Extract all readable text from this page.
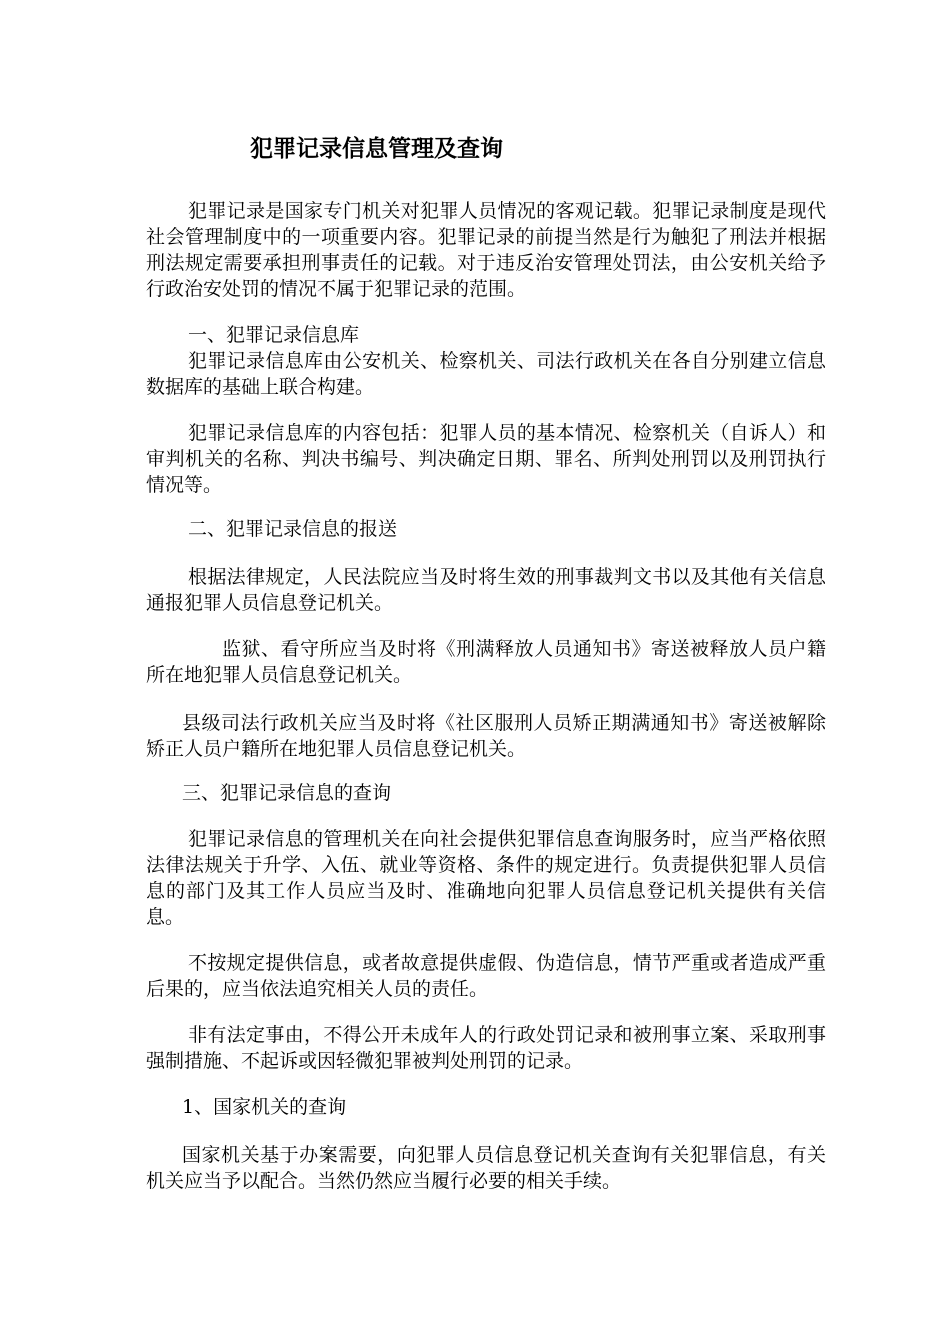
犯罪记录信息管理及查询

犯罪记录是国家专门机关对犯罪人员情况的客观记载。犯罪记录制度是现代社会管理制度中的一项重要内容。犯罪记录的前提当然是行为触犯了刑法并根据刑法规定需要承担刑事责任的记载。对于违反治安管理处罚法，由公安机关给予行政治安处罚的情况不属于犯罪记录的范围。

一、犯罪记录信息库

犯罪记录信息库由公安机关、检察机关、司法行政机关在各自分别建立信息数据库的基础上联合构建。

犯罪记录信息库的内容包括：犯罪人员的基本情况、检察机关（自诉人）和审判机关的名称、判决书编号、判决确定日期、罪名、所判处刑罚以及刑罚执行情况等。

二、犯罪记录信息的报送

根据法律规定，人民法院应当及时将生效的刑事裁判文书以及其他有关信息通报犯罪人员信息登记机关。

监狱、看守所应当及时将《刑满释放人员通知书》寄送被释放人员户籍所在地犯罪人员信息登记机关。

县级司法行政机关应当及时将《社区服刑人员矫正期满通知书》寄送被解除矫正人员户籍所在地犯罪人员信息登记机关。

三、犯罪记录信息的查询

犯罪记录信息的管理机关在向社会提供犯罪信息查询服务时，应当严格依照法律法规关于升学、入伍、就业等资格、条件的规定进行。负责提供犯罪人员信息的部门及其工作人员应当及时、准确地向犯罪人员信息登记机关提供有关信息。

不按规定提供信息，或者故意提供虚假、伪造信息，情节严重或者造成严重后果的，应当依法追究相关人员的责任。

非有法定事由，不得公开未成年人的行政处罚记录和被刑事立案、采取刑事强制措施、不起诉或因轻微犯罪被判处刑罚的记录。

1、国家机关的查询

国家机关基于办案需要，向犯罪人员信息登记机关查询有关犯罪信息，有关机关应当予以配合。当然仍然应当履行必要的相关手续。
